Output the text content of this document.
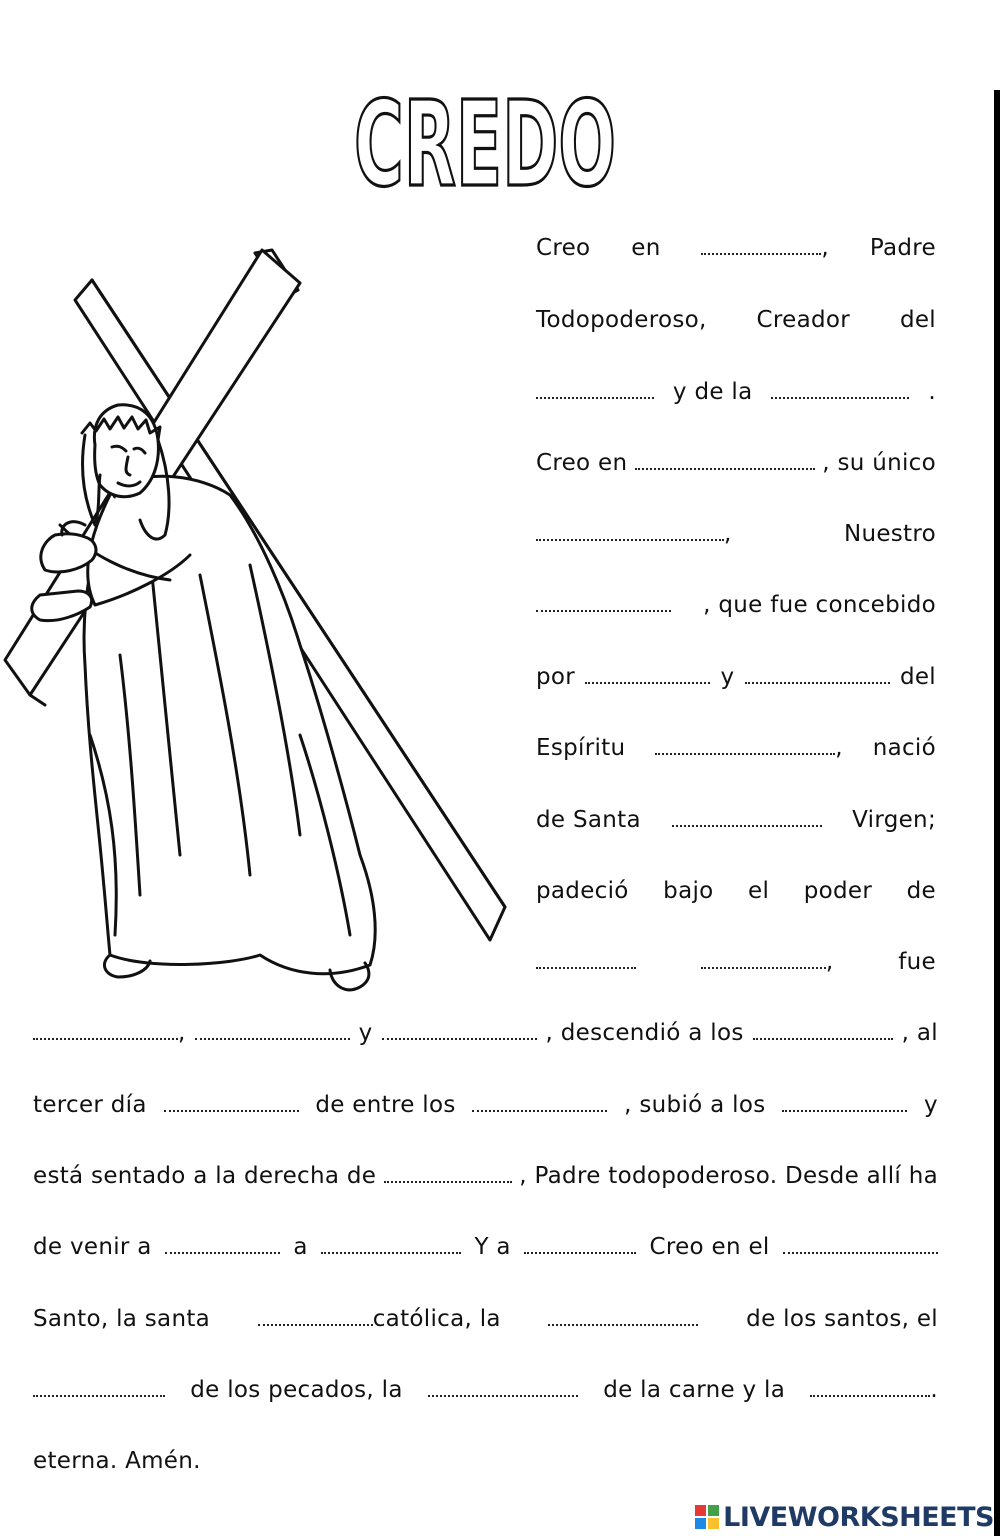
CREDO
Creo en	, Padre
Todopoderoso, Creador del
y de la	.
Creo en	, su único
,	Nuestro
, que fue concebido
por	y	del
Espíritu	, nació
de Santa	Virgen;
padeció bajo el poder de
,	fue
,	y	, descendió a los	, al
tercer día	de entre los	, subió a los	y
está sentado a la derecha de	, Padre todopoderoso. Desde allí ha
de venir a	a	Y a	Creo en el
Santo, la santa	católica, la	de los santos, el
de los pecados, la	de la carne y la	.
eterna. Amén.
LIVEWORKSHEETS
